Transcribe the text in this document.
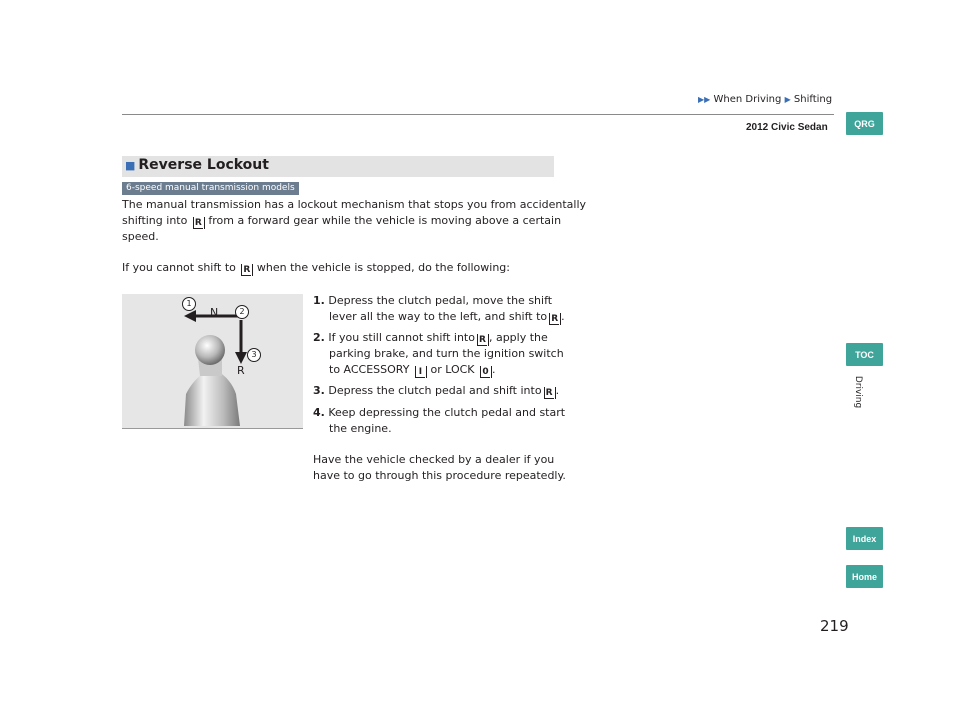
▶▶ When Driving ▶ Shifting
2012 Civic Sedan	QRG
TOC
Driving
Index
Home
■ Reverse Lockout
6-speed manual transmission models
The manual transmission has a lockout mechanism that stops you from accidentally
shifting into R from a forward gear while the vehicle is moving above a certain
speed.
If you cannot shift to R when the vehicle is stopped, do the following:
N
R
1
2
3
1. Depress the clutch pedal, move the shift
lever all the way to the left, and shift to R .
2. If you still cannot shift into R , apply the
parking brake, and turn the ignition switch
to ACCESSORY I or LOCK 0 .
3. Depress the clutch pedal and shift into R .
4. Keep depressing the clutch pedal and start
the engine.
Have the vehicle checked by a dealer if you
have to go through this procedure repeatedly.
219
